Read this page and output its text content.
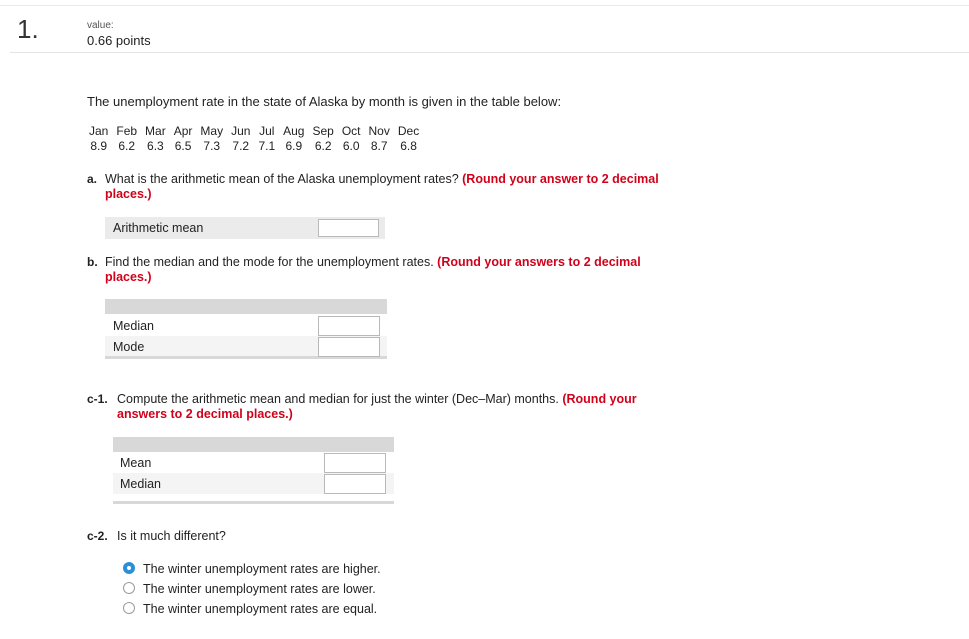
1.	value:
0.66 points
The unemployment rate in the state of Alaska by month is given in the table below:
Jan	Feb	Mar	Apr	May	Jun	Jul	Aug	Sep	Oct	Nov	Dec
8.9	6.2	6.3	6.5	7.3	7.2	7.1	6.9	6.2	6.0	8.7	6.8
a. What is the arithmetic mean of the Alaska unemployment rates? (Round your answer to 2 decimal
places.)
Arithmetic mean
b. Find the median and the mode for the unemployment rates. (Round your answers to 2 decimal
places.)
Median
Mode
c-1. Compute the arithmetic mean and median for just the winter (Dec–Mar) months. (Round your
answers to 2 decimal places.)
Mean
Median
c-2. Is it much different?
The winter unemployment rates are higher.
The winter unemployment rates are lower.
The winter unemployment rates are equal.
